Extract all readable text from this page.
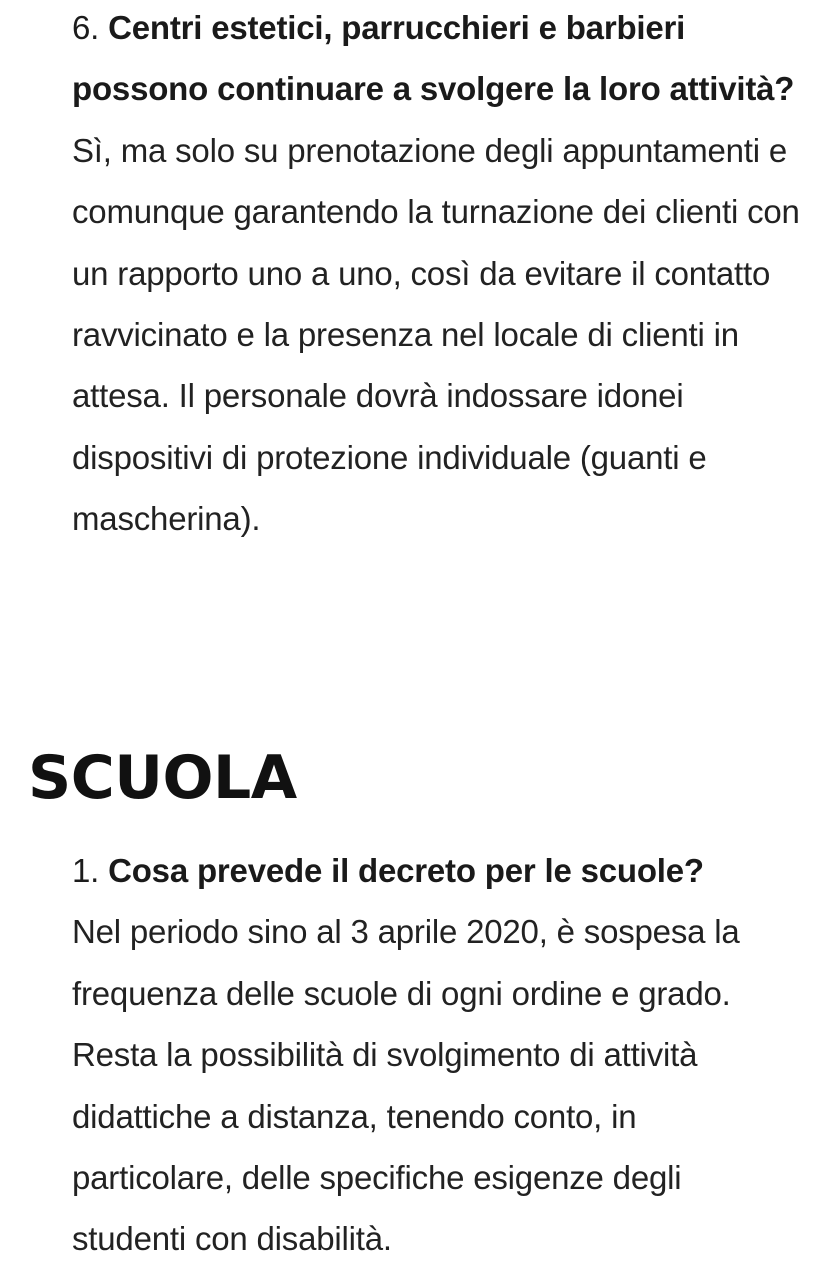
6. Centri estetici, parrucchieri e barbieri possono continuare a svolgere la loro attività?

Sì, ma solo su prenotazione degli appuntamenti e comunque garantendo la turnazione dei clienti con un rapporto uno a uno, così da evitare il contatto ravvicinato e la presenza nel locale di clienti in attesa. Il personale dovrà indossare idonei dispositivi di protezione individuale (guanti e mascherina).

SCUOLA

1. Cosa prevede il decreto per le scuole?

Nel periodo sino al 3 aprile 2020, è sospesa la frequenza delle scuole di ogni ordine e grado. Resta la possibilità di svolgimento di attività didattiche a distanza, tenendo conto, in particolare, delle specifiche esigenze degli studenti con disabilità.
